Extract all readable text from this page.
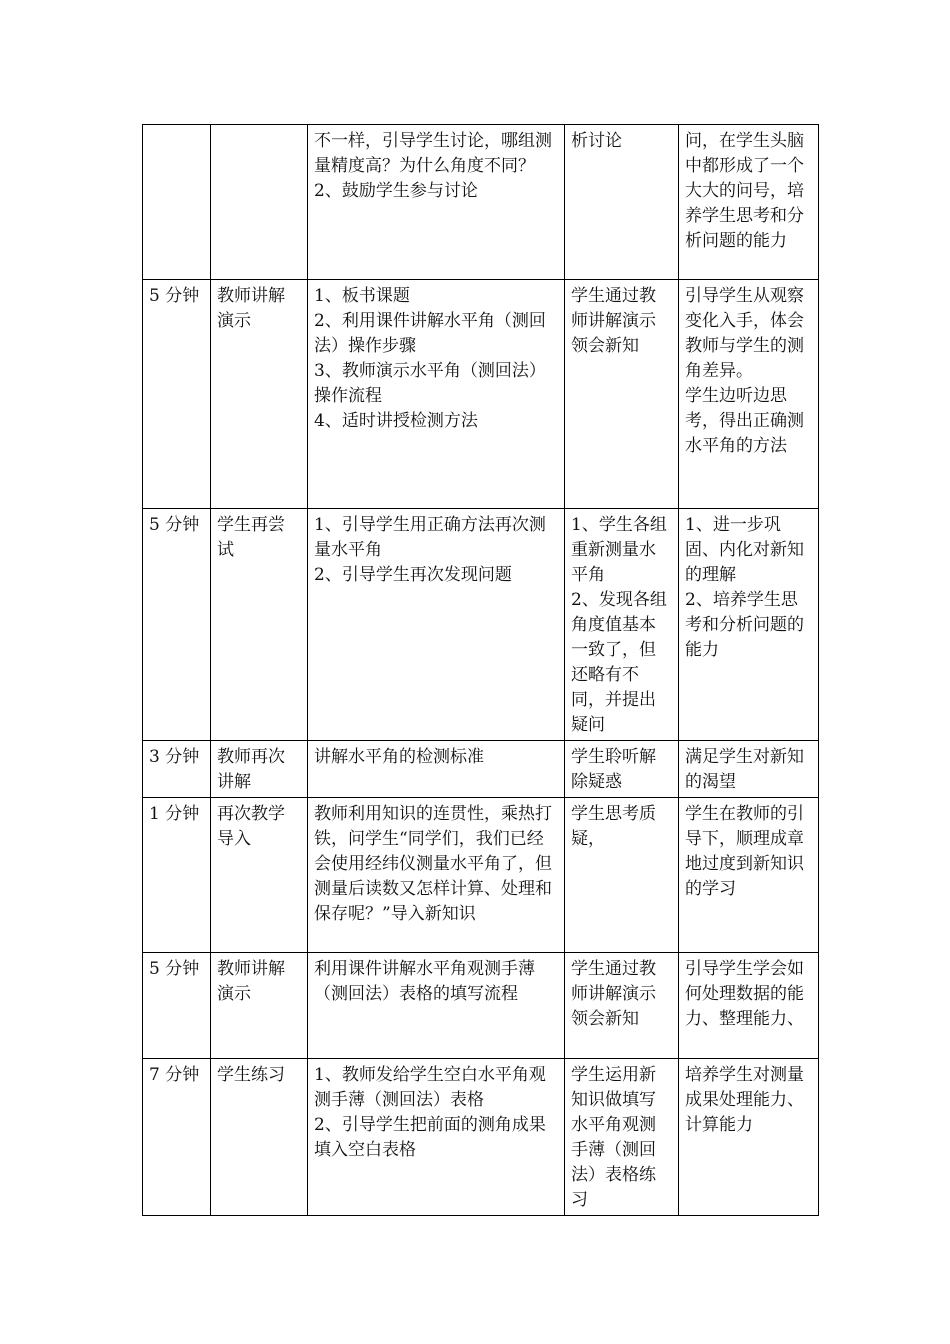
		不一样，引导学生讨论，哪组测量精度高？为什么角度不同？
2、鼓励学生参与讨论	析讨论	问，在学生头脑中都形成了一个大大的问号，培养学生思考和分析问题的能力
5 分钟	教师讲解演示	1、板书课题
2、利用课件讲解水平角（测回法）操作步骤
3、教师演示水平角（测回法）操作流程
4、适时讲授检测方法	学生通过教师讲解演示领会新知	引导学生从观察变化入手，体会教师与学生的测角差异。
学生边听边思考，得出正确测水平角的方法
5 分钟	学生再尝试	1、引导学生用正确方法再次测量水平角
2、引导学生再次发现问题	1、学生各组重新测量水平角
2、发现各组角度值基本一致了，但还略有不同，并提出疑问	1、进一步巩固、内化对新知的理解
2、培养学生思考和分析问题的能力
3 分钟	教师再次讲解	讲解水平角的检测标准	学生聆听解除疑惑	满足学生对新知的渴望
1 分钟	再次教学导入	教师利用知识的连贯性，乘热打铁，问学生“同学们，我们已经会使用经纬仪测量水平角了，但测量后读数又怎样计算、处理和保存呢？”导入新知识	学生思考质疑，	学生在教师的引导下，顺理成章地过度到新知识的学习
5 分钟	教师讲解演示	利用课件讲解水平角观测手薄（测回法）表格的填写流程	学生通过教师讲解演示领会新知	引导学生学会如何处理数据的能力、整理能力、
7 分钟	学生练习	1、教师发给学生空白水平角观测手薄（测回法）表格
2、引导学生把前面的测角成果填入空白表格	学生运用新知识做填写水平角观测手薄（测回法）表格练习	培养学生对测量成果处理能力、计算能力
